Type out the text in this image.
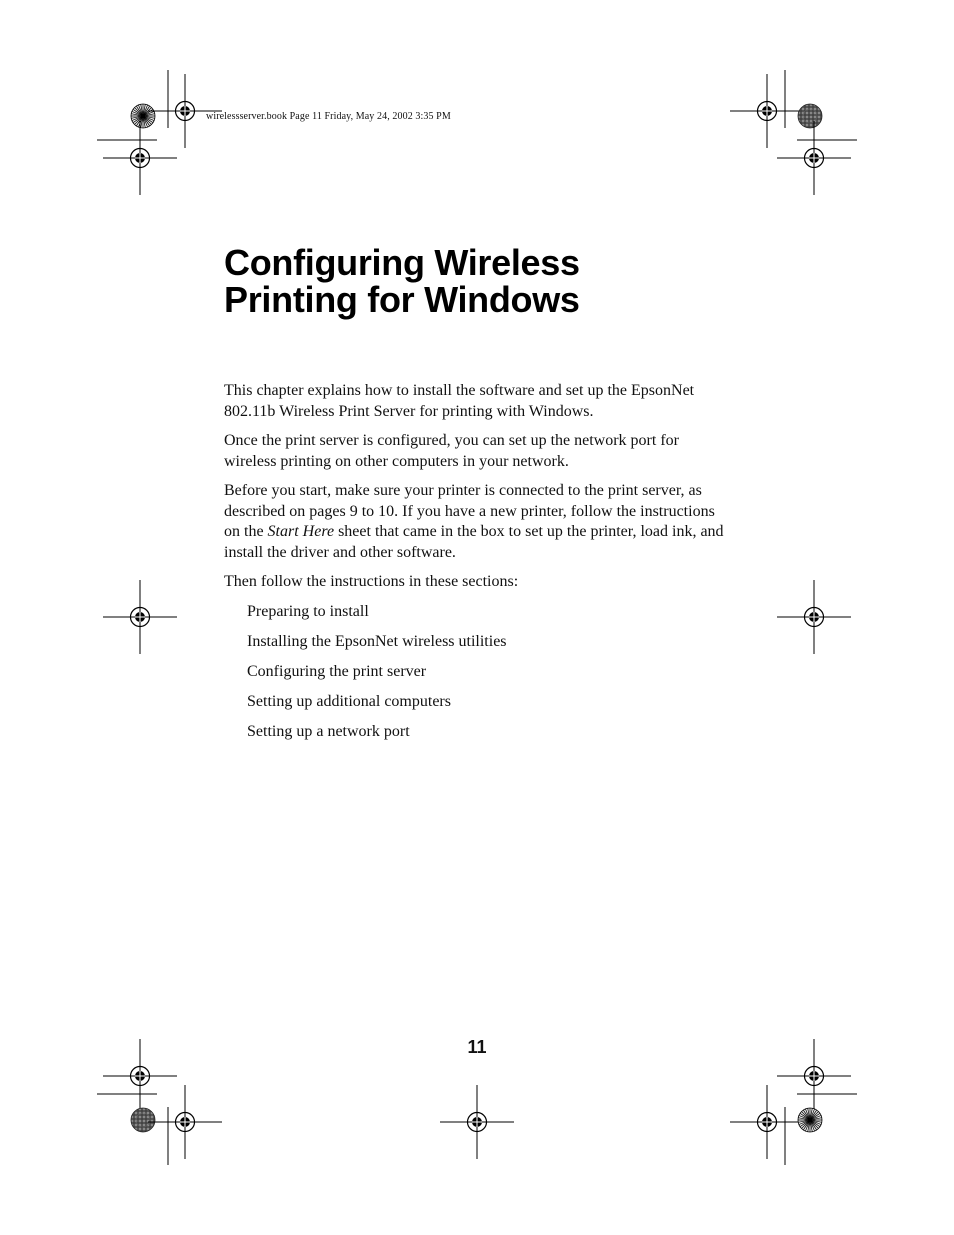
wirelessserver.book Page 11 Friday, May 24, 2002 3:35 PM
Configuring Wireless
Printing for Windows

This chapter explains how to install the software and set up the EpsonNet 802.11b Wireless Print Server for printing with Windows.

Once the print server is configured, you can set up the network port for wireless printing on other computers in your network.

Before you start, make sure your printer is connected to the print server, as described on pages 9 to 10. If you have a new printer, follow the instructions on the Start Here sheet that came in the box to set up the printer, load ink, and install the driver and other software.

Then follow the instructions in these sections:

Preparing to install
Installing the EpsonNet wireless utilities
Configuring the print server
Setting up additional computers
Setting up a network port
11
